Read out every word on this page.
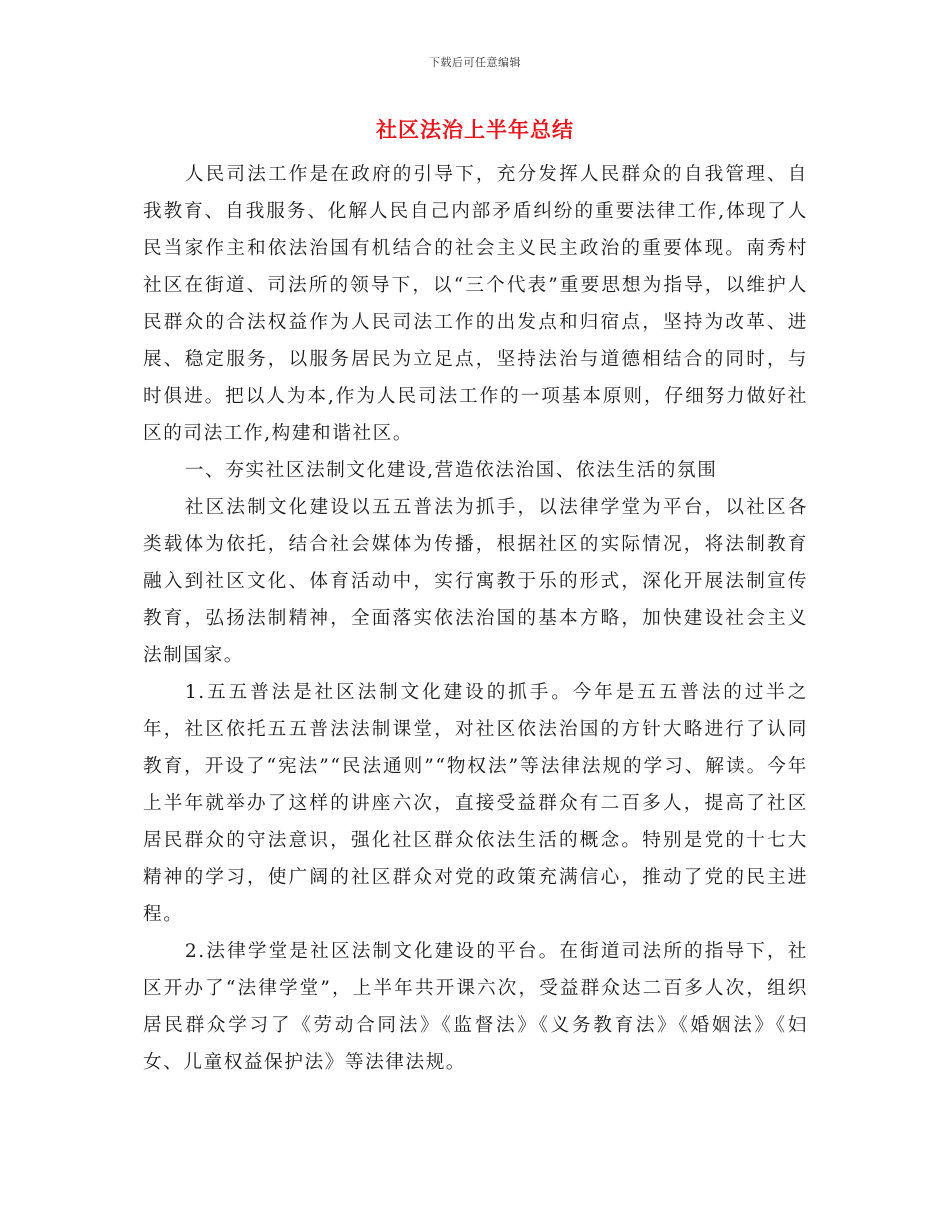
下载后可任意编辑
社区法治上半年总结

人民司法工作是在政府的引导下，充分发挥人民群众的自我管理、自我教育、自我服务、化解人民自己内部矛盾纠纷的重要法律工作,体现了人民当家作主和依法治国有机结合的社会主义民主政治的重要体现。南秀村社区在街道、司法所的领导下，以“三个代表”重要思想为指导，以维护人民群众的合法权益作为人民司法工作的出发点和归宿点，坚持为改革、进展、稳定服务，以服务居民为立足点，坚持法治与道德相结合的同时，与时俱进。把以人为本,作为人民司法工作的一项基本原则，仔细努力做好社区的司法工作,构建和谐社区。

一、夯实社区法制文化建设,营造依法治国、依法生活的氛围

社区法制文化建设以五五普法为抓手，以法律学堂为平台，以社区各类载体为依托，结合社会媒体为传播，根据社区的实际情况，将法制教育融入到社区文化、体育活动中，实行寓教于乐的形式，深化开展法制宣传教育，弘扬法制精神，全面落实依法治国的基本方略，加快建设社会主义法制国家。

1.五五普法是社区法制文化建设的抓手。今年是五五普法的过半之年，社区依托五五普法法制课堂，对社区依法治国的方针大略进行了认同教育，开设了“宪法”“民法通则”“物权法”等法律法规的学习、解读。今年上半年就举办了这样的讲座六次，直接受益群众有二百多人，提高了社区居民群众的守法意识，强化社区群众依法生活的概念。特别是党的十七大精神的学习，使广阔的社区群众对党的政策充满信心，推动了党的民主进程。

2.法律学堂是社区法制文化建设的平台。在街道司法所的指导下，社区开办了“法律学堂”，上半年共开课六次，受益群众达二百多人次，组织居民群众学习了《劳动合同法》《监督法》《义务教育法》《婚姻法》《妇女、儿童权益保护法》等法律法规。
